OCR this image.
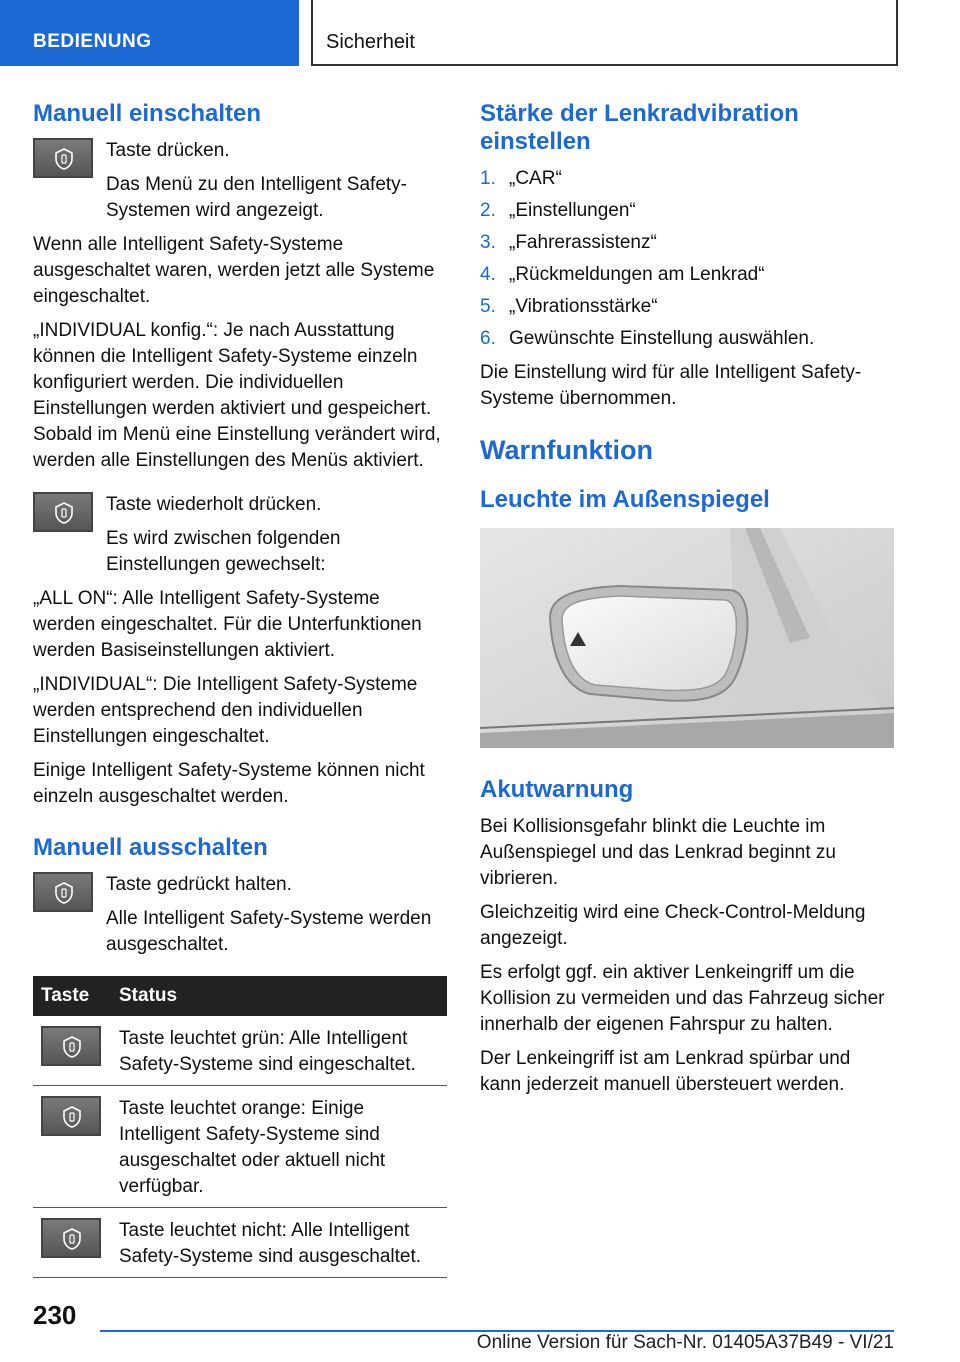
BEDIENUNG	Sicherheit
Manuell einschalten

Taste drücken.

Das Menü zu den Intelligent Safety-Systemen wird angezeigt.

Wenn alle Intelligent Safety-Systeme ausgeschaltet waren, werden jetzt alle Systeme eingeschaltet.

„INDIVIDUAL konfig.“: Je nach Ausstattung können die Intelligent Safety-Systeme einzeln konfiguriert werden. Die individuellen Einstellungen werden aktiviert und gespeichert. Sobald im Menü eine Einstellung verändert wird, werden alle Einstellungen des Menüs aktiviert.

Taste wiederholt drücken.

Es wird zwischen folgenden Einstellungen gewechselt:

„ALL ON“: Alle Intelligent Safety-Systeme werden eingeschaltet. Für die Unterfunktionen werden Basiseinstellungen aktiviert.

„INDIVIDUAL“: Die Intelligent Safety-Systeme werden entsprechend den individuellen Einstellungen eingeschaltet.

Einige Intelligent Safety-Systeme können nicht einzeln ausgeschaltet werden.

Manuell ausschalten

Taste gedrückt halten.

Alle Intelligent Safety-Systeme werden ausgeschaltet.

Taste	Status

	Taste leuchtet grün: Alle Intelligent Safety-Systeme sind eingeschaltet.

	Taste leuchtet orange: Einige Intelligent Safety-Systeme sind ausgeschaltet oder aktuell nicht verfügbar.

	Taste leuchtet nicht: Alle Intelligent Safety-Systeme sind ausgeschaltet.
Stärke der Lenkradvibration einstellen
1. „CAR“
2. „Einstellungen“
3. „Fahrerassistenz“
4. „Rückmeldungen am Lenkrad“
5. „Vibrationsstärke“
6. Gewünschte Einstellung auswählen.

Die Einstellung wird für alle Intelligent Safety-Systeme übernommen.

Warnfunktion
Leuchte im Außenspiegel
Akutwarnung

Bei Kollisionsgefahr blinkt die Leuchte im Außenspiegel und das Lenkrad beginnt zu vibrieren.

Gleichzeitig wird eine Check-Control-Meldung angezeigt.

Es erfolgt ggf. ein aktiver Lenkeingriff um die Kollision zu vermeiden und das Fahrzeug sicher innerhalb der eigenen Fahrspur zu halten.

Der Lenkeingriff ist am Lenkrad spürbar und kann jederzeit manuell übersteuert werden.

230
Online Version für Sach-Nr. 01405A37B49 - VI/21
